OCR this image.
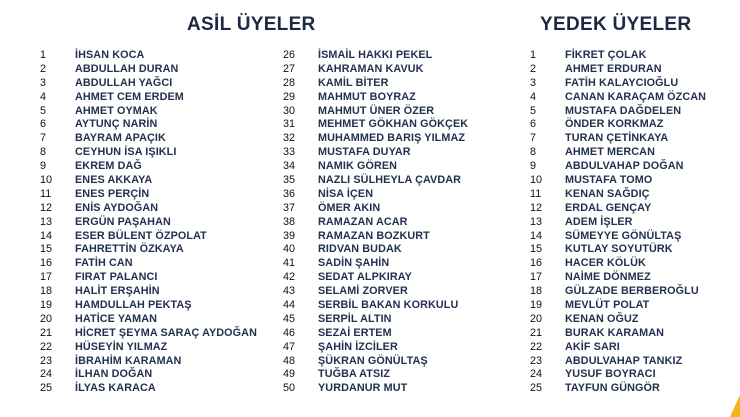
ASİL ÜYELER	YEDEK ÜYELER
1	İHSAN KOCA
2	ABDULLAH DURAN
3	ABDULLAH YAĞCI
4	AHMET CEM ERDEM
5	AHMET OYMAK
6	AYTUNÇ NARİN
7	BAYRAM APAÇIK
8	CEYHUN İSA IŞIKLI
9	EKREM DAĞ
10 ENES AKKAYA
11 ENES PERÇİN
12 ENİS AYDOĞAN
13 ERGÜN PAŞAHAN
14 ESER BÜLENT ÖZPOLAT
15 FAHRETTİN ÖZKAYA
16 FATİH CAN
17 FIRAT PALANCI
18 HALİT ERŞAHİN
19 HAMDULLAH PEKTAŞ
20 HATİCE YAMAN
21 HİCRET ŞEYMA SARAÇ AYDOĞAN
22 HÜSEYİN YILMAZ
23 İBRAHİM KARAMAN
24 İLHAN DOĞAN
25 İLYAS KARACA
26 İSMAİL HAKKI PEKEL
27 KAHRAMAN KAVUK
28 KAMİL BİTER
29 MAHMUT BOYRAZ
30 MAHMUT ÜNER ÖZER
31 MEHMET GÖKHAN GÖKÇEK
32 MUHAMMED BARIŞ YILMAZ
33 MUSTAFA DUYAR
34 NAMIK GÖREN
35 NAZLI SÜLHEYLA ÇAVDAR
36 NİSA İÇEN
37 ÖMER AKIN
38 RAMAZAN ACAR
39 RAMAZAN BOZKURT
40 RIDVAN BUDAK
41 SADİN ŞAHİN
42 SEDAT ALPKIRAY
43 SELAMİ ZORVER
44 SERBİL BAKAN KORKULU
45 SERPİL ALTIN
46 SEZAİ ERTEM
47 ŞAHİN İZCİLER
48 ŞÜKRAN GÖNÜLTAŞ
49 TUĞBA ATSIZ
50 YURDANUR MUT
1	FİKRET ÇOLAK
2	AHMET ERDURAN
3	FATİH KALAYCIOĞLU
4	CANAN KARAÇAM ÖZCAN
5	MUSTAFA DAĞDELEN
6	ÖNDER KORKMAZ
7	TURAN ÇETİNKAYA
8	AHMET MERCAN
9	ABDULVAHAP DOĞAN
10 MUSTAFA TOMO
11 KENAN SAĞDIÇ
12 ERDAL GENÇAY
13 ADEM İŞLER
14 SÜMEYYE GÖNÜLTAŞ
15 KUTLAY SOYUTÜRK
16 HACER KÖLÜK
17 NAİME DÖNMEZ
18 GÜLZADE BERBEROĞLU
19 MEVLÜT POLAT
20 KENAN OĞUZ
21 BURAK KARAMAN
22 AKİF SARI
23 ABDULVAHAP TANKIZ
24 YUSUF BOYRACI
25 TAYFUN GÜNGÖR
